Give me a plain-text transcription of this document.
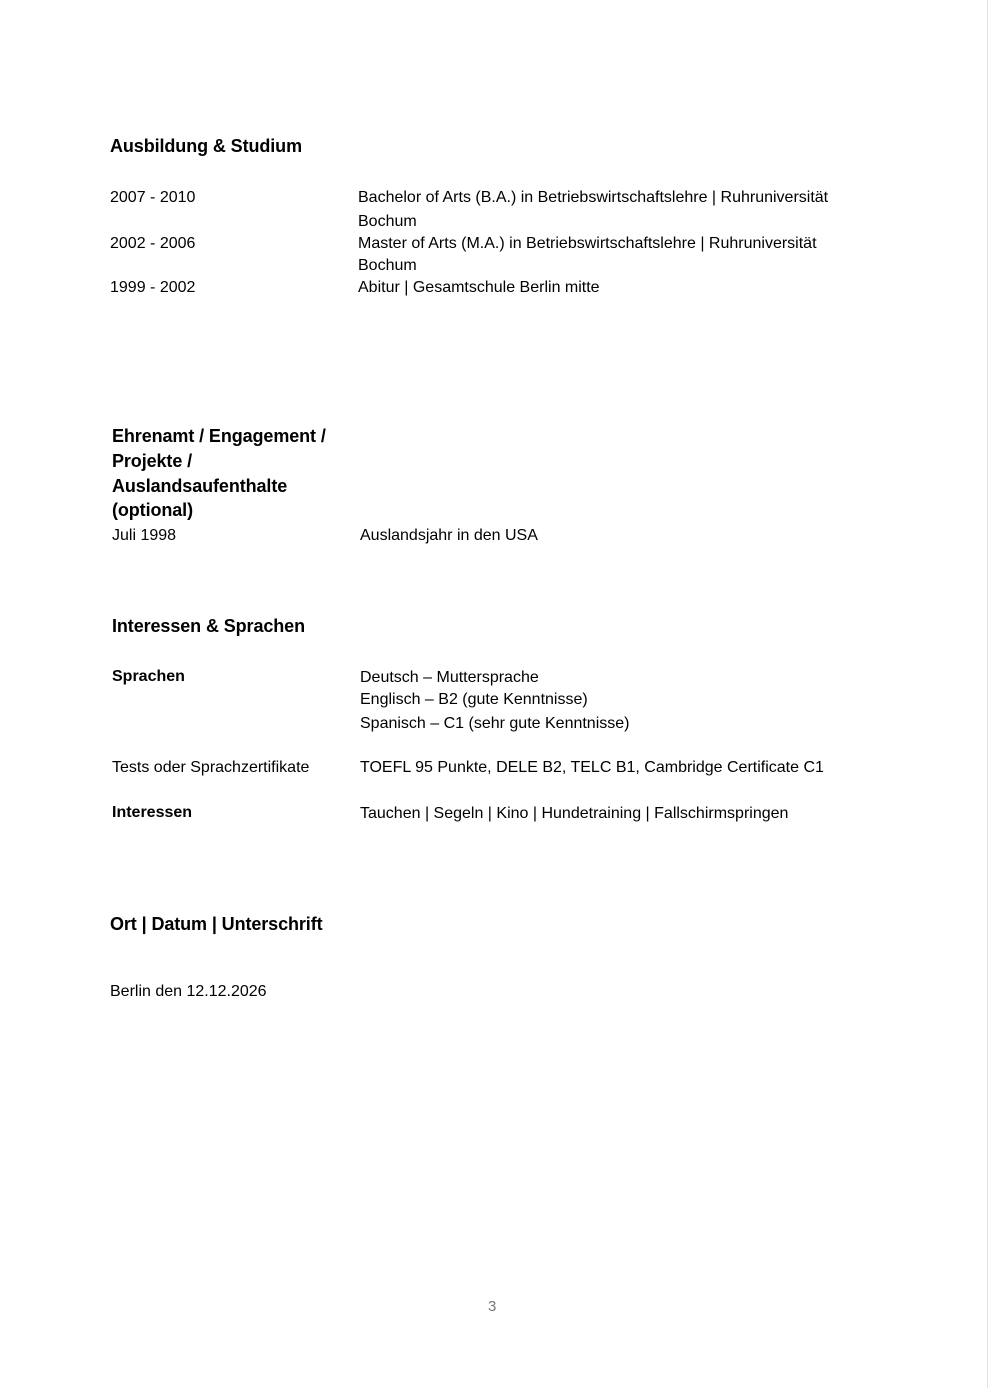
Ausbildung & Studium
2007 - 2010	Bachelor of Arts (B.A.) in Betriebswirtschaftslehre | Ruhruniversität
Bochum
2002 - 2006	Master of Arts (M.A.) in Betriebswirtschaftslehre | Ruhruniversität
Bochum
1999 - 2002	Abitur | Gesamtschule Berlin mitte
Ehrenamt / Engagement /
Projekte /
Auslandsaufenthalte
(optional)
Juli 1998	Auslandsjahr in den USA
Interessen & Sprachen
Sprachen	Deutsch – Muttersprache
Englisch – B2 (gute Kenntnisse)
Spanisch – C1 (sehr gute Kenntnisse)
Tests oder Sprachzertifikate	TOEFL 95 Punkte, DELE B2, TELC B1, Cambridge Certificate C1
Interessen	Tauchen | Segeln | Kino | Hundetraining | Fallschirmspringen
Ort | Datum | Unterschrift
Berlin den 12.12.2026
3
